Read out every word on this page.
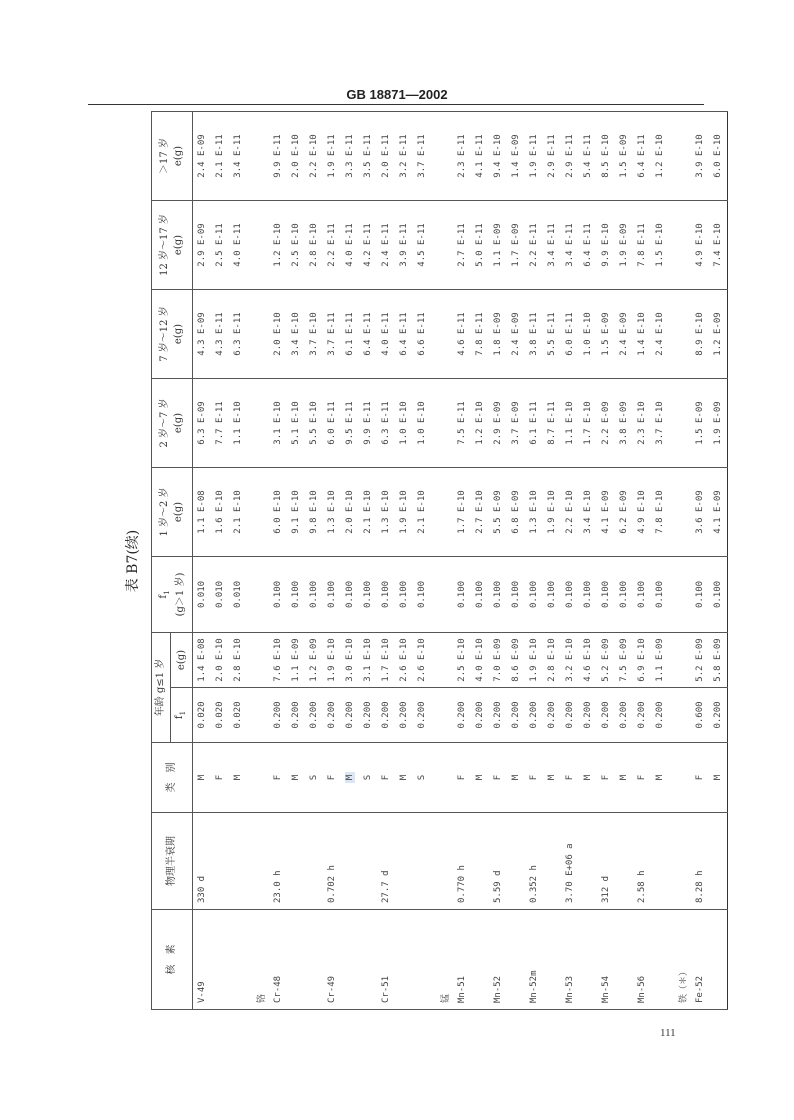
GB 18871—2002
表 B7(续)
核　素	物理半衰期	类　别	年龄 g≤1 岁		$f_1$ (g＞1 岁)	1 岁～2 岁 e(g)	2 岁～7 岁 e(g)	7 岁～12 岁 e(g)	12 岁～17 岁 e(g)	＞17 岁 e(g)
			$f_1$	e(g)						
V-49	330 d	M	0.020	1.4 E-08	0.010	1.1 E-08	6.3 E-09	4.3 E-09	2.9 E-09	2.4 E-09
		F	0.020	2.0 E-10	0.010	1.6 E-10	7.7 E-11	4.3 E-11	2.5 E-11	2.1 E-11
		M	0.020	2.8 E-10	0.010	2.1 E-10	1.1 E-10	6.3 E-11	4.0 E-11	3.4 E-11

铬										
Cr-48	23.0 h	F	0.200	7.6 E-10	0.100	6.0 E-10	3.1 E-10	2.0 E-10	1.2 E-10	9.9 E-11
		M	0.200	1.1 E-09	0.100	9.1 E-10	5.1 E-10	3.4 E-10	2.5 E-10	2.0 E-10
		S	0.200	1.2 E-09	0.100	9.8 E-10	5.5 E-10	3.7 E-10	2.8 E-10	2.2 E-10
Cr-49	0.702 h	F	0.200	1.9 E-10	0.100	1.3 E-10	6.0 E-11	3.7 E-11	2.2 E-11	1.9 E-11
		M	0.200	3.0 E-10	0.100	2.0 E-10	9.5 E-11	6.1 E-11	4.0 E-11	3.3 E-11
		S	0.200	3.1 E-10	0.100	2.1 E-10	9.9 E-11	6.4 E-11	4.2 E-11	3.5 E-11
Cr-51	27.7 d	F	0.200	1.7 E-10	0.100	1.3 E-10	6.3 E-11	4.0 E-11	2.4 E-11	2.0 E-11
		M	0.200	2.6 E-10	0.100	1.9 E-10	1.0 E-10	6.4 E-11	3.9 E-11	3.2 E-11
		S	0.200	2.6 E-10	0.100	2.1 E-10	1.0 E-10	6.6 E-11	4.5 E-11	3.7 E-11

锰										
Mn-51	0.770 h	F	0.200	2.5 E-10	0.100	1.7 E-10	7.5 E-11	4.6 E-11	2.7 E-11	2.3 E-11
		M	0.200	4.0 E-10	0.100	2.7 E-10	1.2 E-10	7.8 E-11	5.0 E-11	4.1 E-11
Mn-52	5.59 d	F	0.200	7.0 E-09	0.100	5.5 E-09	2.9 E-09	1.8 E-09	1.1 E-09	9.4 E-10
		M	0.200	8.6 E-09	0.100	6.8 E-09	3.7 E-09	2.4 E-09	1.7 E-09	1.4 E-09
Mn-52m	0.352 h	F	0.200	1.9 E-10	0.100	1.3 E-10	6.1 E-11	3.8 E-11	2.2 E-11	1.9 E-11
		M	0.200	2.8 E-10	0.100	1.9 E-10	8.7 E-11	5.5 E-11	3.4 E-11	2.9 E-11
Mn-53	3.70 E+06 a	F	0.200	3.2 E-10	0.100	2.2 E-10	1.1 E-10	6.0 E-11	3.4 E-11	2.9 E-11
		M	0.200	4.6 E-10	0.100	3.4 E-10	1.7 E-10	1.0 E-10	6.4 E-11	5.4 E-11
Mn-54	312 d	F	0.200	5.2 E-09	0.100	4.1 E-09	2.2 E-09	1.5 E-09	9.9 E-10	8.5 E-10
		M	0.200	7.5 E-09	0.100	6.2 E-09	3.8 E-09	2.4 E-09	1.9 E-09	1.5 E-09
Mn-56	2.58 h	F	0.200	6.9 E-10	0.100	4.9 E-10	2.3 E-10	1.4 E-10	7.8 E-11	6.4 E-11
		M	0.200	1.1 E-09	0.100	7.8 E-10	3.7 E-10	2.4 E-10	1.5 E-10	1.2 E-10

铁（＊）										
Fe-52	8.28 h	F	0.600	5.2 E-09	0.100	3.6 E-09	1.5 E-09	8.9 E-10	4.9 E-10	3.9 E-10
		M	0.200	5.8 E-09	0.100	4.1 E-09	1.9 E-09	1.2 E-09	7.4 E-10	6.0 E-10
111
